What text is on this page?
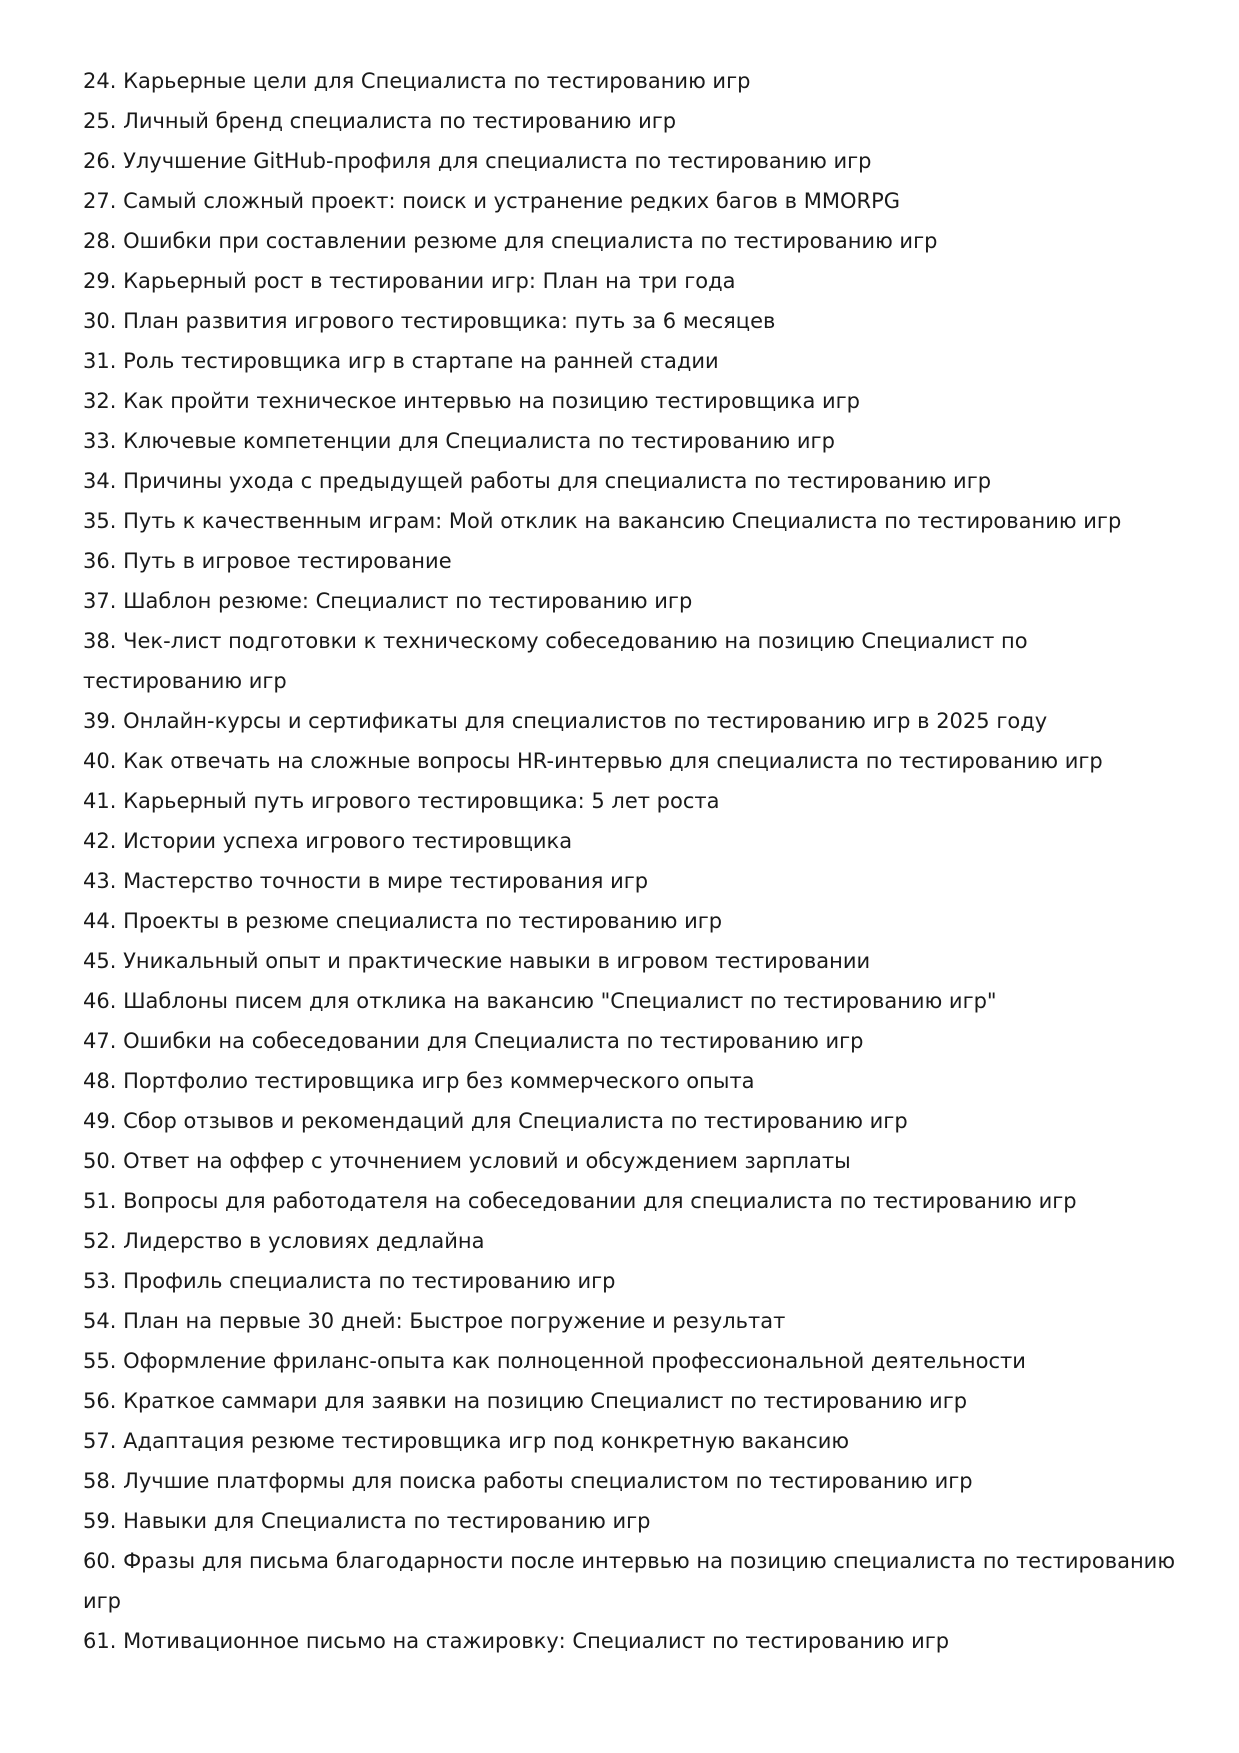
24. Карьерные цели для Специалиста по тестированию игр
25. Личный бренд специалиста по тестированию игр
26. Улучшение GitHub-профиля для специалиста по тестированию игр
27. Самый сложный проект: поиск и устранение редких багов в MMORPG
28. Ошибки при составлении резюме для специалиста по тестированию игр
29. Карьерный рост в тестировании игр: План на три года
30. План развития игрового тестировщика: путь за 6 месяцев
31. Роль тестировщика игр в стартапе на ранней стадии
32. Как пройти техническое интервью на позицию тестировщика игр
33. Ключевые компетенции для Специалиста по тестированию игр
34. Причины ухода с предыдущей работы для специалиста по тестированию игр
35. Путь к качественным играм: Мой отклик на вакансию Специалиста по тестированию игр
36. Путь в игровое тестирование
37. Шаблон резюме: Специалист по тестированию игр
38. Чек-лист подготовки к техническому собеседованию на позицию Специалист по тестированию игр
39. Онлайн-курсы и сертификаты для специалистов по тестированию игр в 2025 году
40. Как отвечать на сложные вопросы HR-интервью для специалиста по тестированию игр
41. Карьерный путь игрового тестировщика: 5 лет роста
42. Истории успеха игрового тестировщика
43. Мастерство точности в мире тестирования игр
44. Проекты в резюме специалиста по тестированию игр
45. Уникальный опыт и практические навыки в игровом тестировании
46. Шаблоны писем для отклика на вакансию "Специалист по тестированию игр"
47. Ошибки на собеседовании для Специалиста по тестированию игр
48. Портфолио тестировщика игр без коммерческого опыта
49. Сбор отзывов и рекомендаций для Специалиста по тестированию игр
50. Ответ на оффер с уточнением условий и обсуждением зарплаты
51. Вопросы для работодателя на собеседовании для специалиста по тестированию игр
52. Лидерство в условиях дедлайна
53. Профиль специалиста по тестированию игр
54. План на первые 30 дней: Быстрое погружение и результат
55. Оформление фриланс-опыта как полноценной профессиональной деятельности
56. Краткое саммари для заявки на позицию Специалист по тестированию игр
57. Адаптация резюме тестировщика игр под конкретную вакансию
58. Лучшие платформы для поиска работы специалистом по тестированию игр
59. Навыки для Специалиста по тестированию игр
60. Фразы для письма благодарности после интервью на позицию специалиста по тестированию игр
61. Мотивационное письмо на стажировку: Специалист по тестированию игр
